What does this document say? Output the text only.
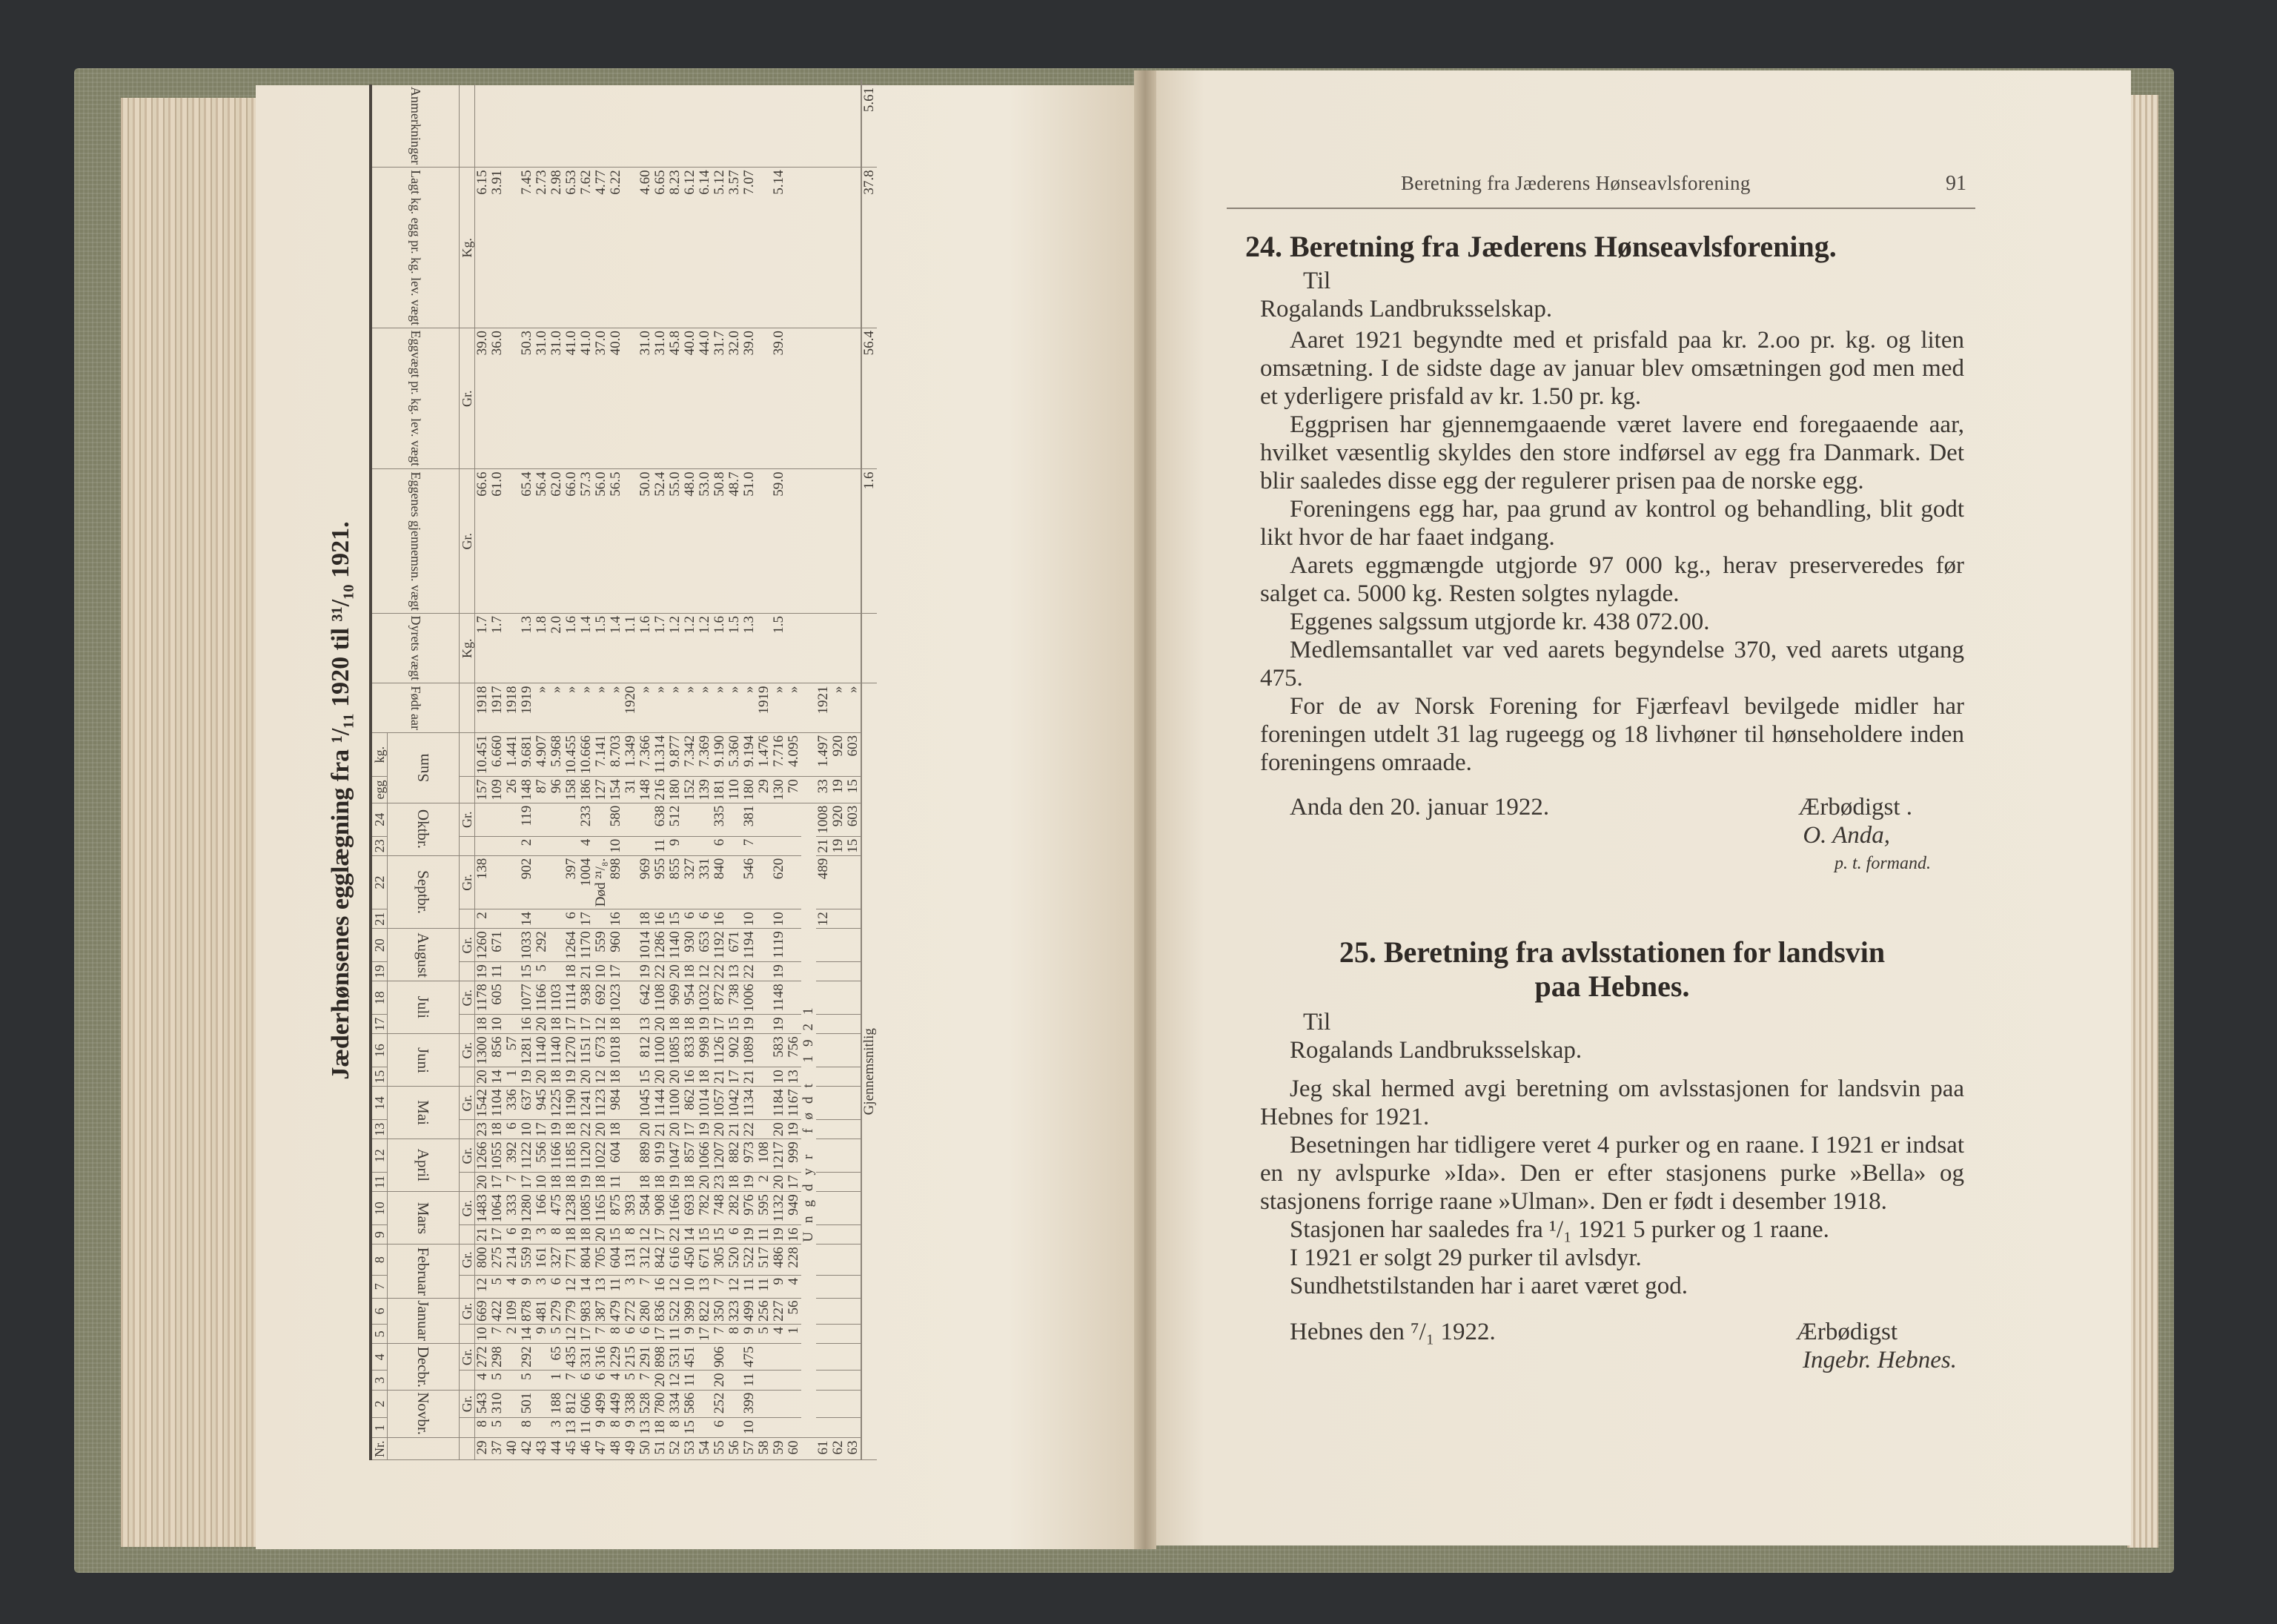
Jæderhønsenes egglægning fra ¹/₁₁ 1920 til ³¹/₁₀ 1921.
Nr.	1	2	3	4	5	6	7	8	9	10	11	12	13	14	15	16	17	18	19	20	21	22	23	24	egg	kg.	Født aar	Dyrets vægt	Eggenes gjennemsn. vægt	Eggvægt pr. kg. lev. vægt	Lagt kg. egg pr. kg. lev. vægt	Anmerkninger	
	Novbr.		Decbr.		Januar		Februar		Mars		April		Mai		Juni		Juli		August		Septbr.		Oktbr.		Sum								
		Gr.		Gr.		Gr.		Gr.		Gr.		Gr.		Gr.		Gr.		Gr.		Gr.		Gr.		Gr.				Kg.	Gr.	Gr.	Kg.		
29	8	543	4	272	10	669	12	800	21	1483	20	1266	23	1542	20	1300	18	1178	19	1260	2	138			157	10.451	1918	1.7	66.6	39.0	6.15		
37	5	310	5	298	7	422	5	275	17	1064	17	1055	18	1104	14	856	10	605	11	671					109	6.660	1917	1.7	61.0	36.0	3.91		
40					2	109	4	214	6	333	7	392	6	336	1	57									26	1.441	1918						
42	8	501	5	292	14	878	9	559	19	1280	17	1122	10	637	19	1281	16	1077	15	1033	14	902	2	119	148	9.681	1919	1.3	65.4	50.3	7.45		
43					9	481	3	161	3	166	10	556	17	945	20	1140	20	1166	5	292					87	4.907	»	1.8	56.4	31.0	2.73		
44	3	188	1	65	5	279	6	327	8	475	18	1166	19	1225	18	1140	18	1103							96	5.968	»	2.0	62.0	31.0	2.98		
45	13	812	7	435	12	779	12	771	18	1238	18	1185	18	1190	19	1270	17	1114	18	1264	6	397			158	10.455	»	1.6	66.0	41.0	6.53		
46	11	606	6	331	17	983	14	804	18	1085	19	1120	22	1241	20	1151	17	938	21	1170	17	1004	4	233	186	10.666	»	1.4	57.3	41.0	7.62		
47	9	499	6	316	7	387	13	705	20	1165	18	1022	20	1123	12	673	12	692	10	559		Død ²¹/₈.			127	7.141	»	1.5	56.0	37.0	4.77		
48	8	449	4	229	8	479	11	604	15	875	11	604	18	984	18	1018	18	1023	17	960	16	898	10	580	154	8.703	»	1.4	56.5	40.0	6.22		
49	9	338	5	215	6	272	3	131	8	393															31	1.349	1920	1.1					
50	13	528	7	291	6	280	7	312	12	584	18	889	20	1045	15	812	13	642	19	1014	18	969			148	7.366	»	1.6	50.0	31.0	4.60		
51	18	780	20	898	17	836	16	842	17	908	18	919	21	1144	20	1100	20	1108	22	1286	16	955	11	638	216	11.314	»	1.7	52.4	31.0	6.65		
52	8	334	12	531	11	522	12	616	22	1166	19	1047	20	1100	20	1085	18	969	20	1140	15	855	9	512	180	9.877	»	1.2	55.0	45.8	8.23		
53	15	586	11	451	9	399	10	450	14	693	18	857	17	862	16	833	18	954	18	930	6	327			152	7.342	»	1.2	48.0	40.0	6.12		
54					17	822	13	671	15	782	20	1066	19	1014	18	998	19	1032	12	653	6	331			139	7.369	»	1.2	53.0	44.0	6.14		
55	6	252	20	906	7	350	7	305	15	748	23	1207	20	1057	21	1126	17	872	22	1192	16	840	6	335	181	9.190	»	1.6	50.8	31.7	5.12		
56					8	323	12	520	6	282	18	882	21	1042	17	902	15	738	13	671					110	5.360	»	1.5	48.7	32.0	3.57		
57	10	399	11	475	9	499	11	522	19	976	19	973	22	1134	21	1089	19	1006	22	1194	10	546	7	381	180	9.194	»	1.3	51.0	39.0	7.07		
58					5	256	11	517	11	595	2	108													29	1.476	1919						
59					4	227	9	486	19	1132	20	1217	20	1184	10	583	19	1148	19	1119	10	620			130	7.716	»	1.5	59.0	39.0	5.14		
60					1	56	4	228	16	949	17	999	19	1167	13	756									70	4.095	»						
	Ungdyr født 1921																																
61																					12	489	21	1008	33	1.497	1921						
62																							19	920	19	920	»						
63																							15	603	15	603	»						
Gjennemsnitlig																													1.6	56.4	37.8	5.61	
Beretning fra Jæderens Hønseavlsforening	91
24. Beretning fra Jæderens Hønseavlsforening.
Til
Rogalands Landbruksselskap.

Aaret 1921 begyndte med et prisfald paa kr. 2.oo pr. kg. og liten omsætning. I de sidste dage av januar blev omsætningen god men med et yderligere prisfald av kr. 1.50 pr. kg.

Eggprisen har gjennemgaaende været lavere end foregaaende aar, hvilket væsentlig skyldes den store indførsel av egg fra Danmark. Det blir saaledes disse egg der regulerer prisen paa de norske egg.

Foreningens egg har, paa grund av kontrol og behandling, blit godt likt hvor de har faaet indgang.

Aarets eggmængde utgjorde 97 000 kg., herav preserveredes før salget ca. 5000 kg. Resten solgtes nylagde.

Eggenes salgssum utgjorde kr. 438 072.00.

Medlemsantallet var ved aarets begyndelse 370, ved aarets utgang 475.

For de av Norsk Forening for Fjærfeavl bevilgede midler har foreningen utdelt 31 lag rugeegg og 18 livhøner til hønseholdere inden foreningens omraade.

Anda den 20. januar 1922.	Ærbødigst .
O. Anda,
p. t. formand.
25. Beretning fra avlsstationen for landsvin
paa Hebnes.
Til
Rogalands Landbruksselskap.

Jeg skal hermed avgi beretning om avlsstasjonen for landsvin paa Hebnes for 1921.

Besetningen har tidligere veret 4 purker og en raane. I 1921 er indsat en ny avlspurke »Ida». Den er efter stasjonens purke »Bella» og stasjonens forrige raane »Ulman». Den er født i desember 1918.

Stasjonen har saaledes fra ¹/₁ 1921 5 purker og 1 raane.

I 1921 er solgt 29 purker til avlsdyr.

Sundhetstilstanden har i aaret været god.

Hebnes den ⁷/₁ 1922.	Ærbødigst
Ingebr. Hebnes.
